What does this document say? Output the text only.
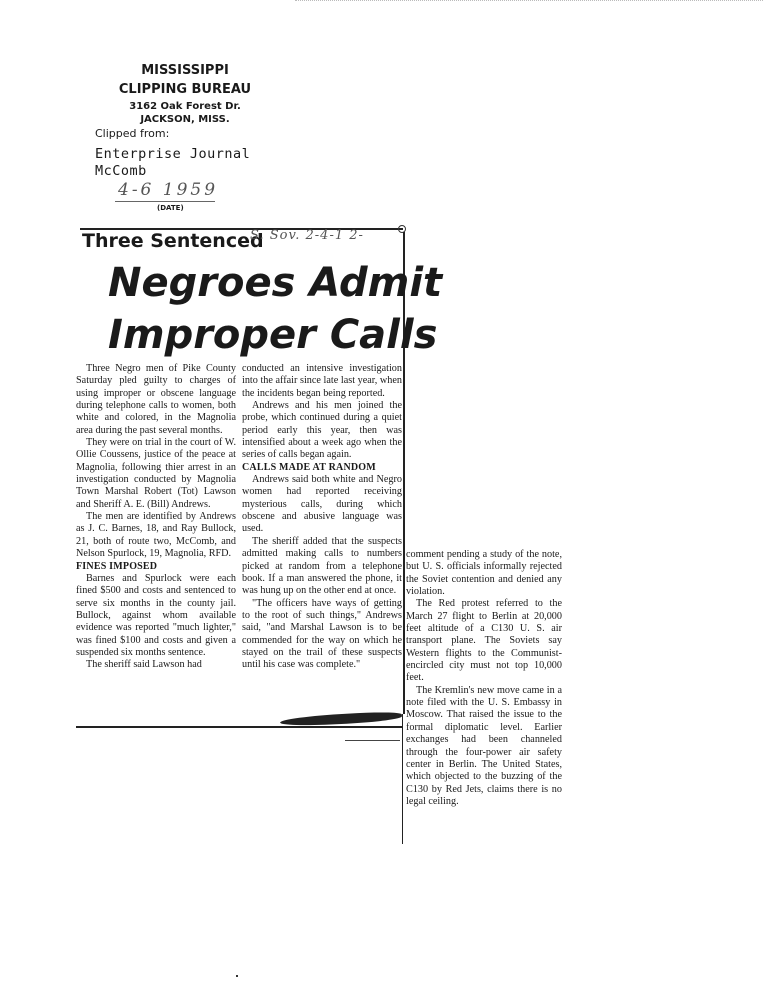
MISSISSIPPI
CLIPPING BUREAU
3162 Oak Forest Dr.
JACKSON, MISS.
Clipped from:
Enterprise Journal
McComb
4-6 1959
(DATE)
Three Sentenced
S. Sov. 2-4-1 2-
Negroes Admit
Improper Calls

Three Negro men of Pike County Saturday pled guilty to charges of using improper or obscene language during telephone calls to women, both white and colored, in the Magnolia area during the past several months.

They were on trial in the court of W. Ollie Coussens, justice of the peace at Magnolia, following thier arrest in an investigation conducted by Magnolia Town Marshal Robert (Tot) Lawson and Sheriff A. E. (Bill) Andrews.

The men are identified by Andrews as J. C. Barnes, 18, and Ray Bullock, 21, both of route two, McComb, and Nelson Spurlock, 19, Magnolia, RFD.

FINES IMPOSED

Barnes and Spurlock were each fined $500 and costs and sentenced to serve six months in the county jail. Bullock, against whom available evidence was reported "much lighter," was fined $100 and costs and given a suspended six months sentence.

The sheriff said Lawson had

conducted an intensive investigation into the affair since late last year, when the incidents began being reported.

Andrews and his men joined the probe, which continued during a quiet period early this year, then was intensified about a week ago when the series of calls began again.

CALLS MADE AT RANDOM

Andrews said both white and Negro women had reported receiving mysterious calls, during which obscene and abusive language was used.

The sheriff added that the suspects admitted making calls to numbers picked at random from a telephone book. If a man answered the phone, it was hung up on the other end at once.

"The officers have ways of getting to the root of such things," Andrews said, "and Marshal Lawson is to be commended for the way on which he stayed on the trail of these suspects until his case was complete."

comment pending a study of the note, but U. S. officials informally rejected the Soviet contention and denied any violation.

The Red protest referred to the March 27 flight to Berlin at 20,000 feet altitude of a C130 U. S. air transport plane. The Soviets say Western flights to the Communist-encircled city must not top 10,000 feet.

The Kremlin's new move came in a note filed with the U. S. Embassy in Moscow. That raised the issue to the formal diplomatic level. Earlier exchanges had been channeled through the four-power air safety center in Berlin. The United States, which objected to the buzzing of the C130 by Red Jets, claims there is no legal ceiling.
